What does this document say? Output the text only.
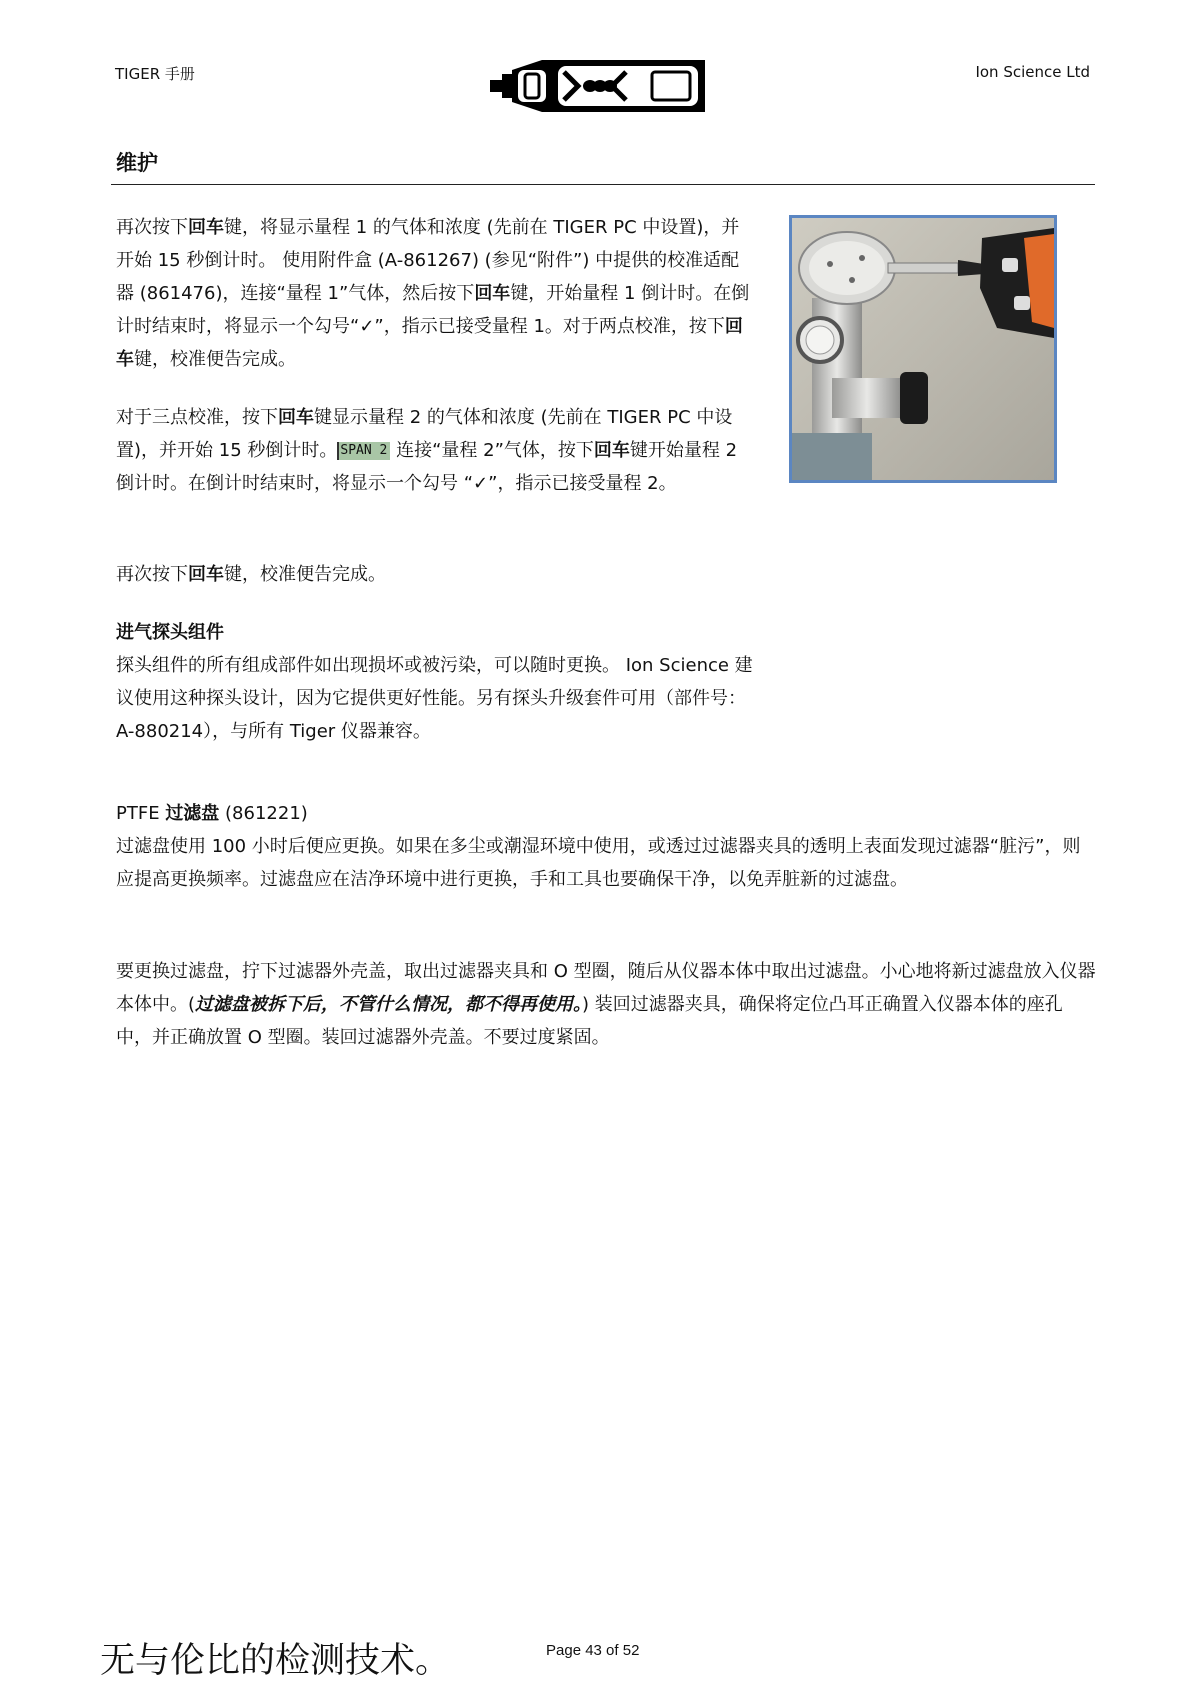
TIGER 手册	Ion Science Ltd
维护

再次按下回车键，将显示量程 1 的气体和浓度 (先前在 TIGER PC 中设置)，并开始 15 秒倒计时。 使用附件盒 (A-861267) (参见“附件”) 中提供的校准适配器 (861476)，连接“量程 1”气体，然后按下回车键，开始量程 1 倒计时。在倒计时结束时，将显示一个勾号“✓”，指示已接受量程 1。对于两点校准，按下回车键，校准便告完成。

对于三点校准，按下回车键显示量程 2 的气体和浓度 (先前在 TIGER PC 中设置)，并开始 15 秒倒计时。 SPAN 2 连接“量程 2”气体，按下回车键开始量程 2 倒计时。在倒计时结束时，将显示一个勾号 “✓”，指示已接受量程 2。

再次按下回车键，校准便告完成。

进气探头组件

探头组件的所有组成部件如出现损坏或被污染，可以随时更换。 Ion Science 建议使用这种探头设计，因为它提供更好性能。另有探头升级套件可用（部件号：A-880214），与所有 Tiger 仪器兼容。

PTFE 过滤盘 (861221)

过滤盘使用 100 小时后便应更换。如果在多尘或潮湿环境中使用，或透过过滤器夹具的透明上表面发现过滤器“脏污”，则应提高更换频率。过滤盘应在洁净环境中进行更换，手和工具也要确保干净，以免弄脏新的过滤盘。

要更换过滤盘，拧下过滤器外壳盖，取出过滤器夹具和 O 型圈，随后从仪器本体中取出过滤盘。小心地将新过滤盘放入仪器本体中。(过滤盘被拆下后，不管什么情况，都不得再使用。) 装回过滤器夹具，确保将定位凸耳正确置入仪器本体的座孔中，并正确放置 O 型圈。装回过滤器外壳盖。不要过度紧固。

无与伦比的检测技术。	Page 43 of 52
